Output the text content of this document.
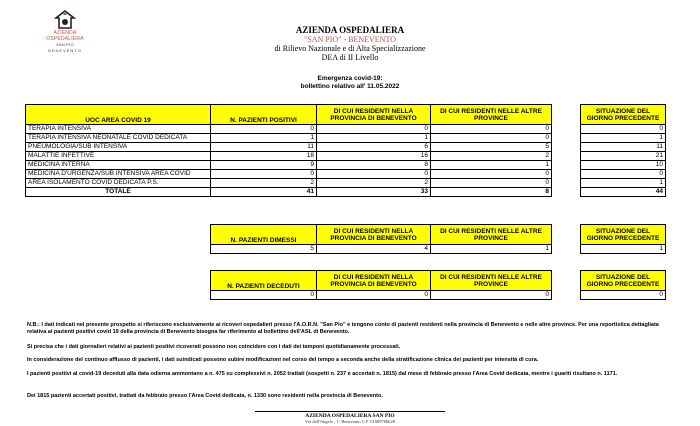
AZIENDA
OSPEDALIERA
SAN PIO
BENEVENTO
AZIENDA OSPEDALIERA
"SAN PIO" - BENEVENTO
di Rilievo Nazionale e di Alta Specializzazione
DEA di II Livello
Emergenza covid-19:
bollettino relativo all' 11.05.2022
UOC AREA COVID 19	N. PAZIENTI POSITIVI	DI CUI RESIDENTI NELLA PROVINCIA DI BENEVENTO	DI CUI RESIDENTI NELLE ALTRE PROVINCE		SITUAZIONE DEL GIORNO PRECEDENTE
TERAPIA INTENSIVA	0	0	0		0
TERAPIA INTENSIVA NEONATALE COVID DEDICATA	1	1	0		1
PNEUMOLOGIA/SUB INTENSIVA	11	6	5		11
MALATTIE INFETTIVE	18	16	2		21
MEDICINA INTERNA	9	8	1		10
MEDICINA D'URGENZA/SUB INTENSIVA AREA COVID	0	0	0		0
AREA ISOLAMENTO COVID DEDICATA P.S.	2	2	0		1
TOTALE	41	33	8		44
N. PAZIENTI DIMESSI	DI CUI RESIDENTI NELLA PROVINCIA DI BENEVENTO	DI CUI RESIDENTI NELLE ALTRE PROVINCE		SITUAZIONE DEL GIORNO PRECEDENTE
5	4	1		1
N. PAZIENTI DECEDUTI	DI CUI RESIDENTI NELLA PROVINCIA DI BENEVENTO	DI CUI RESIDENTI NELLE ALTRE PROVINCE		SITUAZIONE DEL GIORNO PRECEDENTE
0	0	0		0
N.B.: I dati indicati nel presente prospetto si riferiscono esclusivamente ai ricoveri ospedalieri presso l'A.O.R.N. "San Pio" e tengono conto di pazienti residenti nella provincia di Benevento e nelle altre province. Per una reportistica dettagliata relativa ai pazienti positivi covid 19 della provincia di Benevento bisogna far riferimento al bollettino dell'ASL di Benevento.
Si precisa che i dati giornalieri relativi ai pazienti positivi ricoverati possono non coincidere con i dati dei tamponi quotidianamente processati.
In considerazione del continuo afflusso di pazienti, i dati suindicati possono subire modificazioni nel corso del tempo a seconda anche della stratificazione clinica dei pazienti per intensità di cura.
I pazienti positivi al covid-19 deceduti alla data odierna ammontano a n. 475 su complessivi n. 2052 trattati (sospetti n. 237 e accertati n. 1815) dal mese di febbraio presso l'Area Covid dedicata, mentre i guariti risultano n. 1171.
Dei 1815 pazienti accertati positivi, trattati da febbraio presso l'Area Covid dedicata, n. 1330 sono residenti nella provincia di Benevento.
AZIENDA OSPEDALIERA SAN PIO
Via dell'Angelo , 1- Benevento C.F. 01009760628
